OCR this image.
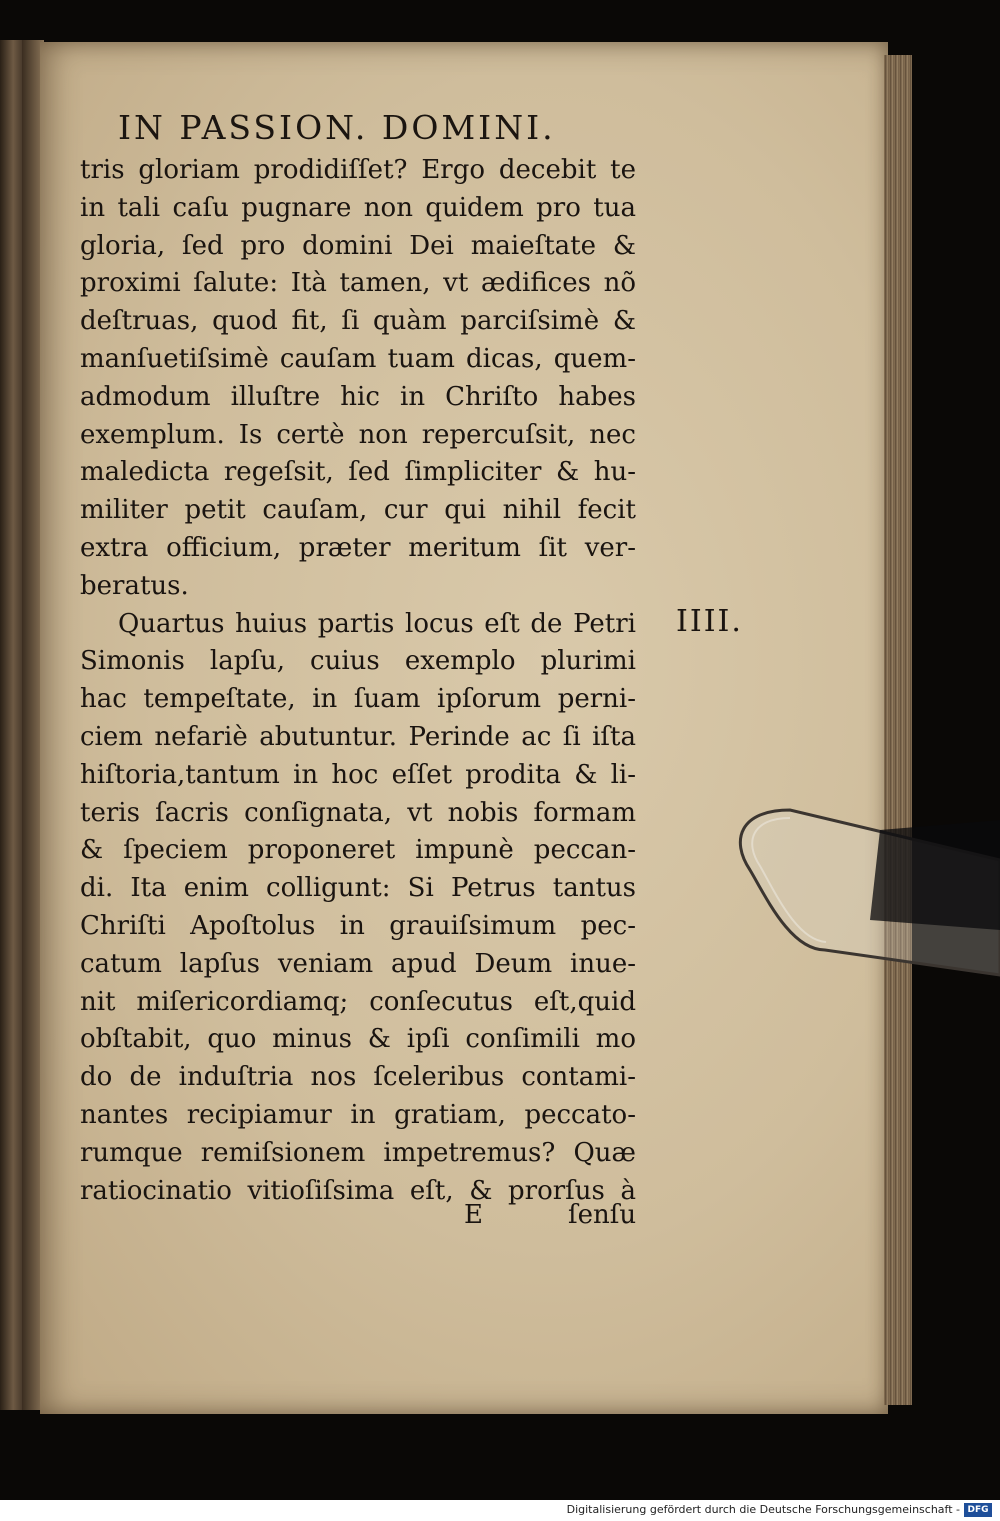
IN PASSION. DOMINI.
tris gloriam prodidiſſet? Ergo decebit te
in tali caſu pugnare non quidem pro tua
gloria, ſed pro domini Dei maieſtate &
proximi ſalute: Ità tamen, vt ædifices nõ
deſtruas, quod fit, ſi quàm parciſsimè &
manſuetiſsimè cauſam tuam dicas, quem-
admodum illuſtre hic in Chriſto habes
exemplum. Is certè non repercuſsit, nec
maledicta regeſsit, ſed ſimpliciter & hu-
militer petit cauſam, cur qui nihil fecit
extra officium, præter meritum ſit ver-
beratus.
Quartus huius partis locus eſt de Petri
Simonis lapſu, cuius exemplo plurimi
hac tempeſtate, in ſuam ipſorum perni-
ciem nefariè abutuntur. Perinde ac ſi iſta
hiſtoria,tantum in hoc eſſet prodita & li-
teris ſacris conſignata, vt nobis formam
& ſpeciem proponeret impunè peccan-
di. Ita enim colligunt: Si Petrus tantus
Chriſti Apoſtolus in grauiſsimum pec-
catum lapſus veniam apud Deum inue-
nit miſericordiamq; conſecutus eſt,quid
obſtabit, quo minus & ipſi conſimili mo
do de induſtria nos ſceleribus contami-
nantes recipiamur in gratiam, peccato-
rumque remiſsionem impetremus? Quæ
ratiocinatio vitioſiſsima eſt, & prorſus à
IIII.
E	ſenſu
Digitalisierung gefördert durch die Deutsche Forschungsgemeinschaft - DFG
